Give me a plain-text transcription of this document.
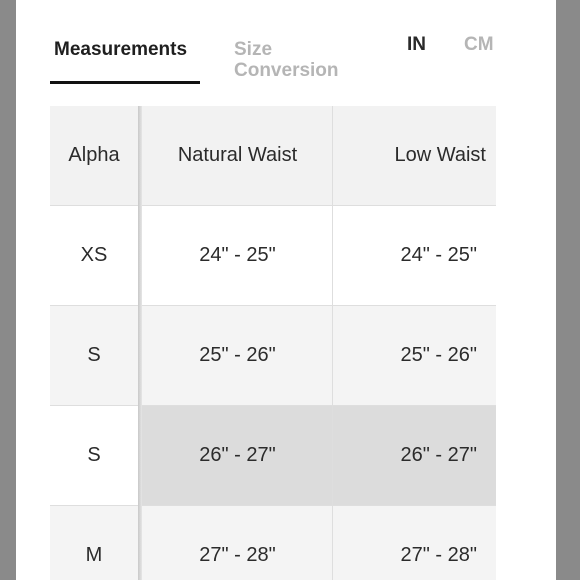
Measurements Size Conversion
IN CM
Alpha	Natural Waist	Low Waist
XS	24" - 25"	24" - 25"
S	25" - 26"	25" - 26"
S	26" - 27"	26" - 27"
M	27" - 28"	27" - 28"
